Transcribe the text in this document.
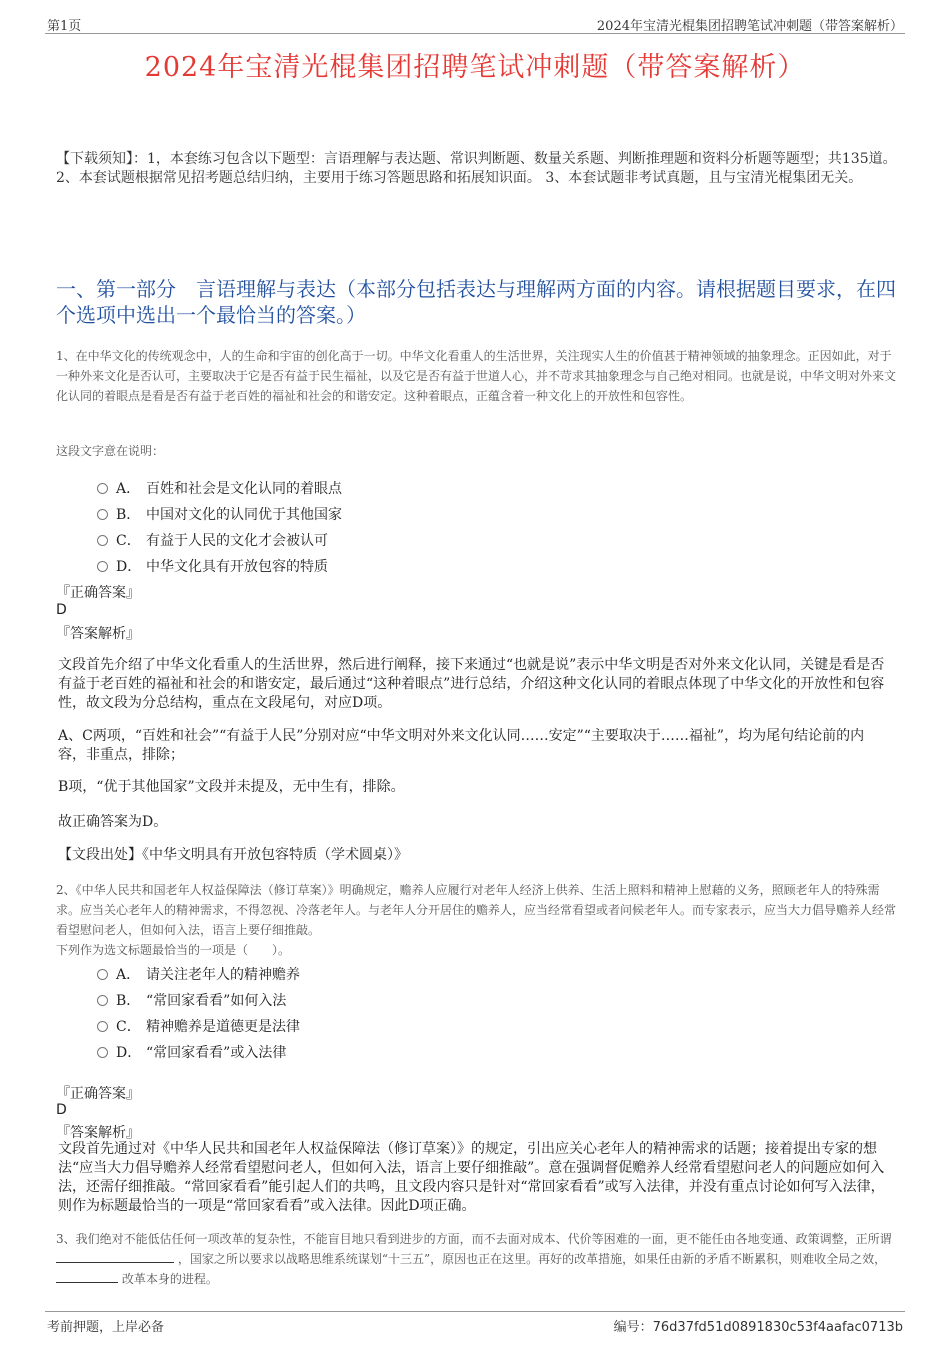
第1页	2024年宝清光棍集团招聘笔试冲刺题（带答案解析）
2024年宝清光棍集团招聘笔试冲刺题（带答案解析）
【下载须知】：1，本套练习包含以下题型：言语理解与表达题、常识判断题、数量关系题、判断推理题和资料分析题等题型；共135道。 2、本套试题根据常见招考题总结归纳，主要用于练习答题思路和拓展知识面。 3、本套试题非考试真题，且与宝清光棍集团无关。
一、第一部分　言语理解与表达（本部分包括表达与理解两方面的内容。请根据题目要求，在四个选项中选出一个最恰当的答案。）
1、在中华文化的传统观念中，人的生命和宇宙的创化高于一切。中华文化看重人的生活世界，关注现实人生的价值甚于精神领域的抽象理念。正因如此，对于一种外来文化是否认可，主要取决于它是否有益于民生福祉，以及它是否有益于世道人心，并不苛求其抽象理念与自己绝对相同。也就是说，中华文明对外来文化认同的着眼点是看是否有益于老百姓的福祉和社会的和谐安定。这种着眼点，正蕴含着一种文化上的开放性和包容性。
这段文字意在说明：
A． 百姓和社会是文化认同的着眼点
B． 中国对文化的认同优于其他国家
C． 有益于人民的文化才会被认可
D． 中华文化具有开放包容的特质
『正确答案』
D
『答案解析』
文段首先介绍了中华文化看重人的生活世界，然后进行阐释，接下来通过“也就是说”表示中华文明是否对外来文化认同，关键是看是否有益于老百姓的福祉和社会的和谐安定，最后通过“这种着眼点”进行总结，介绍这种文化认同的着眼点体现了中华文化的开放性和包容性，故文段为分总结构，重点在文段尾句，对应D项。
A、C两项，“百姓和社会”“有益于人民”分别对应“中华文明对外来文化认同……安定”“主要取决于……福祉”，均为尾句结论前的内容，非重点，排除；
B项，“优于其他国家”文段并未提及，无中生有，排除。
故正确答案为D。
【文段出处】《中华文明具有开放包容特质（学术圆桌）》
2、《中华人民共和国老年人权益保障法（修订草案）》明确规定，赡养人应履行对老年人经济上供养、生活上照料和精神上慰藉的义务，照顾老年人的特殊需求。应当关心老年人的精神需求，不得忽视、冷落老年人。与老年人分开居住的赡养人，应当经常看望或者问候老年人。而专家表示，应当大力倡导赡养人经常看望慰问老人，但如何入法，语言上要仔细推敲。
下列作为选文标题最恰当的一项是（　　）。
A． 请关注老年人的精神赡养
B． “常回家看看”如何入法
C． 精神赡养是道德更是法律
D． “常回家看看”或入法律
『正确答案』
D
『答案解析』
文段首先通过对《中华人民共和国老年人权益保障法（修订草案）》的规定，引出应关心老年人的精神需求的话题；接着提出专家的想法“应当大力倡导赡养人经常看望慰问老人，但如何入法，语言上要仔细推敲”。意在强调督促赡养人经常看望慰问老人的问题应如何入法，还需仔细推敲。“常回家看看”能引起人们的共鸣，且文段内容只是针对“常回家看看”或写入法律，并没有重点讨论如何写入法律，则作为标题最恰当的一项是“常回家看看”或入法律。因此D项正确。
3、我们绝对不能低估任何一项改革的复杂性，不能盲目地只看到进步的方面，而不去面对成本、代价等困难的一面，更不能任由各地变通、政策调整，正所谓  ，国家之所以要求以战略思维系统谋划“十三五”，原因也正在这里。再好的改革措施，如果任由新的矛盾不断累积，则难收全局之效，  改革本身的进程。
考前押题，上岸必备	编号：76d37fd51d0891830c53f4aafac0713b
